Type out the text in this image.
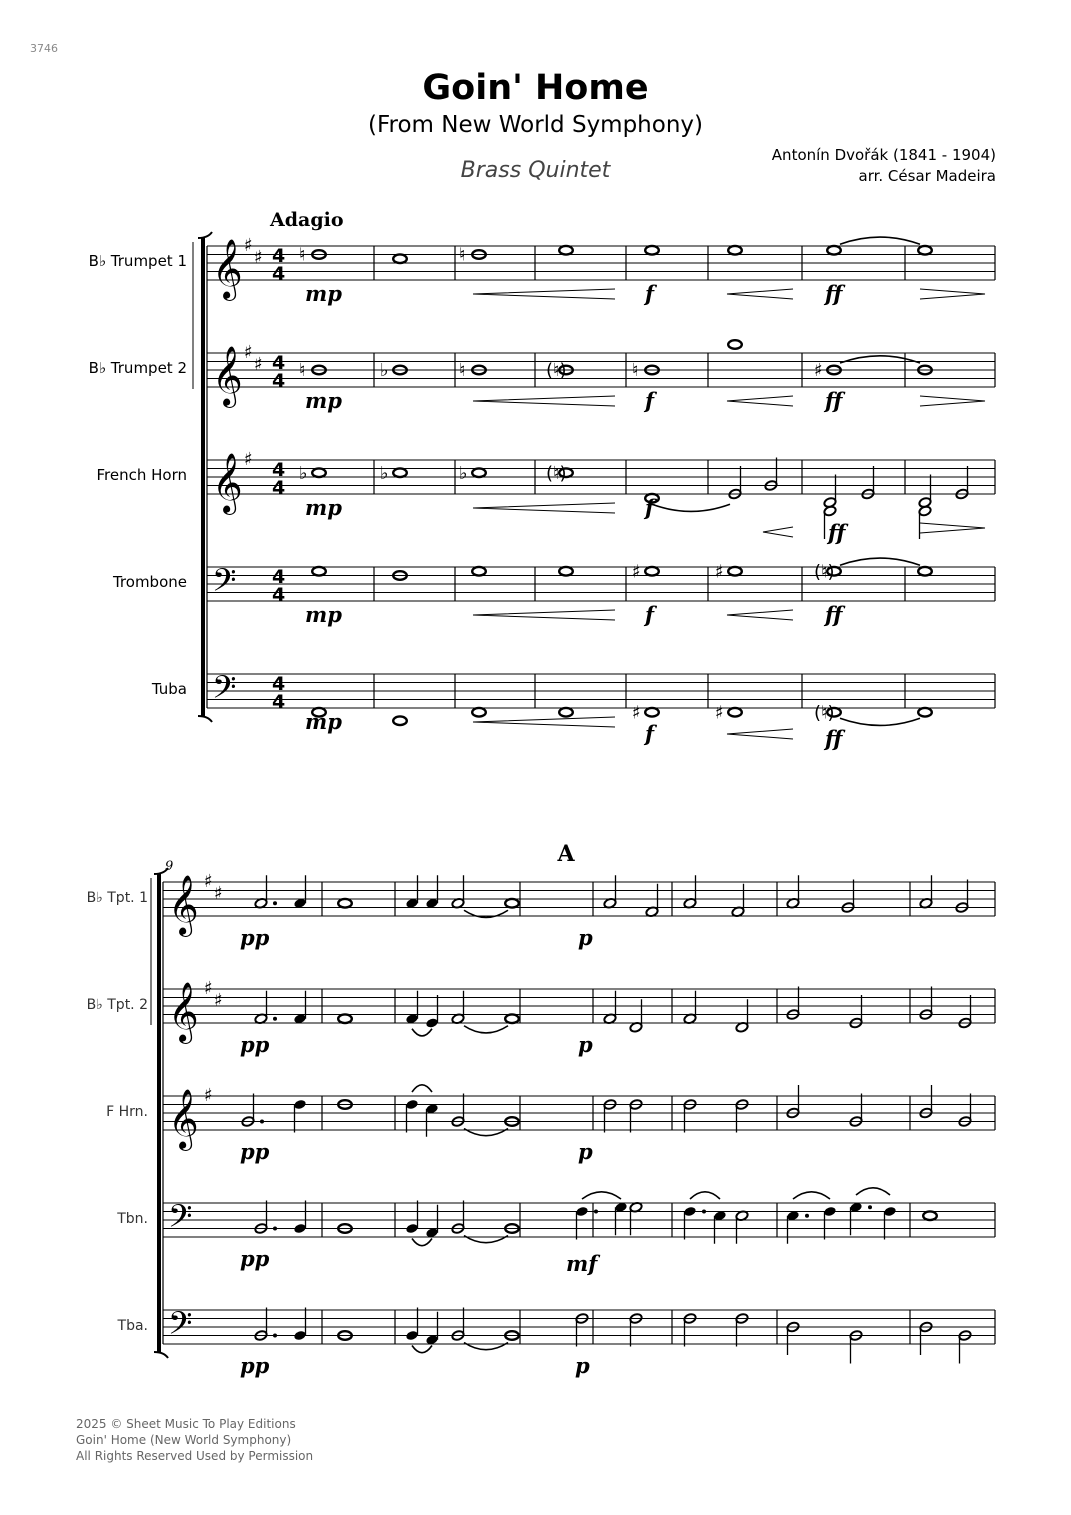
3746
Goin' Home
(From New World Symphony)
Brass Quintet
Antonín Dvořák (1841 - 1904)
arr. César Madeira
𝄞 ♯
♯ 4
4
B♭ Trumpet 1
𝄞 ♯
♯ 4
4
B♭ Trumpet 2
𝄞 ♯ 4
4
French Horn
𝄢 4
4
Trombone
𝄢 4
4
Tuba
Adagio
♮	♮
mp	f	ff
♮	♭	♮	(♮)	♮	♯
mp	f	ff
♭	♭	♭	(♮)
mp	f
ff
♯	♯	(♮)
mp	f	ff
♯	♯	(♮)
mp	f	ff
𝄞 ♯
♯
B♭ Tpt. 1
𝄞 ♯
♯
B♭ Tpt. 2
𝄞 ♯
F Hrn.
𝄢
Tbn.
𝄢
Tba.
9	A
pp	p
pp	p
pp	p
pp	mf
pp	p
2025 © Sheet Music To Play Editions
Goin' Home (New World Symphony)
All Rights Reserved Used by Permission
